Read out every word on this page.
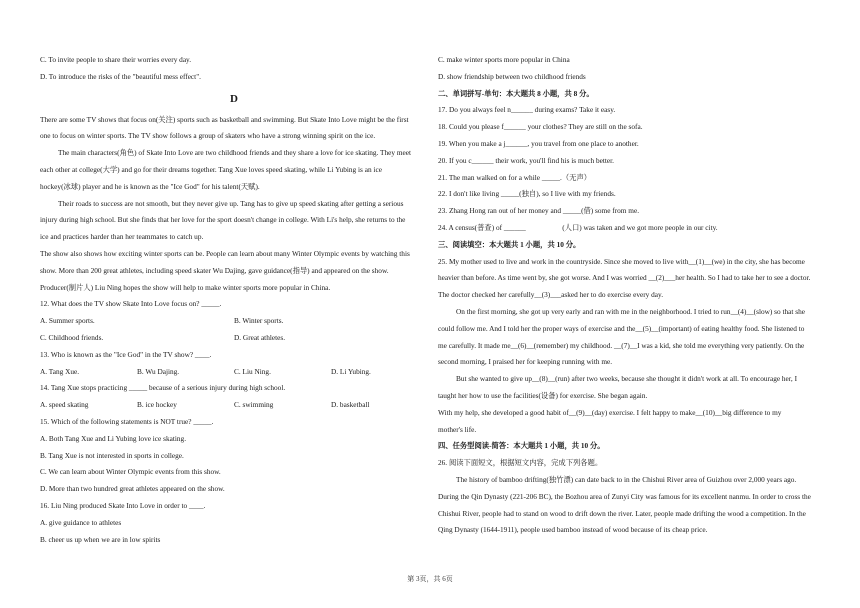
C. To invite people to share their worries every day.
D. To introduce the risks of the "beautiful mess effect".
D
There are some TV shows that focus on(关注) sports such as basketball and swimming. But Skate Into Love might be the first
one to focus on winter sports. The TV show follows a group of skaters who have a strong winning spirit on the ice.
The main characters(角色) of Skate Into Love are two childhood friends and they share a love for ice skating. They meet
each other at college(大学) and go for their dreams together. Tang Xue loves speed skating, while Li Yubing is an ice
hockey(冰球) player and he is known as the "Ice God" for his talent(天赋).
Their roads to success are not smooth, but they never give up. Tang has to give up speed skating after getting a serious
injury during high school. But she finds that her love for the sport doesn't change in college. With Li's help, she returns to the
ice and practices harder than her teammates to catch up.
The show also shows how exciting winter sports can be. People can learn about many Winter Olympic events by watching this
show. More than 200 great athletes, including speed skater Wu Dajing, gave guidance(指导) and appeared on the show.
Producer(制片人) Liu Ning hopes the show will help to make winter sports more popular in China.
12. What does the TV show Skate Into Love focus on? _____.
A. Summer sports.	B. Winter sports.
C. Childhood friends.	D. Great athletes.
13. Who is known as the "Ice God" in the TV show? ____.
A. Tang Xue.	B. Wu Dajing.	C. Liu Ning.	D. Li Yubing.
14. Tang Xue stops practicing _____ because of a serious injury during high school.
A. speed skating	B. ice hockey	C. swimming	D. basketball
15. Which of the following statements is NOT true? _____.
A. Both Tang Xue and Li Yubing love ice skating.
B. Tang Xue is not interested in sports in college.
C. We can learn about Winter Olympic events from this show.
D. More than two hundred great athletes appeared on the show.
16. Liu Ning produced Skate Into Love in order to ____.
A. give guidance to athletes
B. cheer us up when we are in low spirits
C. make winter sports more popular in China
D. show friendship between two childhood friends
二、单词拼写-单句：本大题共 8 小题，共 8 分。
17. Do you always feel n______ during exams? Take it easy.
18. Could you please f______ your clothes? They are still on the sofa.
19. When you make a j______, you travel from one place to another.
20. If you c______ their work, you'll find his is much better.
21. The man walked on for a while _____.（无声）
22. I don't like living _____(独自), so I live with my friends.
23. Zhang Hong ran out of her money and _____(借) some from me.
24. A census(普查) of ______                    (人口) was taken and we got more people in our city.
三、阅读填空：本大题共 1 小题，共 10 分。
25. My mother used to live and work in the countryside. Since she moved to live with__(1)__(we) in the city, she has become
heavier than before. As time went by, she got worse. And I was worried __(2)___her health. So I had to take her to see a doctor.
The doctor checked her carefully__(3)___asked her to do exercise every day.
On the first morning, she got up very early and ran with me in the neighborhood. I tried to run__(4)__(slow) so that she
could follow me. And I told her the proper ways of exercise and the__(5)__(important) of eating healthy food. She listened to
me carefully. It made me__(6)__(remember) my childhood. __(7)__I was a kid, she told me everything very patiently. On the
second morning, I praised her for keeping running with me.
But she wanted to give up__(8)__(run) after two weeks, because she thought it didn't work at all. To encourage her, I
taught her how to use the facilities(设备) for exercise. She began again.
With my help, she developed a good habit of__(9)__(day) exercise. I felt happy to make__(10)__big difference to my
mother's life.
四、任务型阅读-简答：本大题共 1 小题，共 10 分。
26. 阅读下面短文，根据短文内容，完成下列各题。
The history of bamboo drifting(独竹漂) can date back to in the Chishui River area of Guizhou over 2,000 years ago.
During the Qin Dynasty (221-206 BC), the Bozhou area of Zunyi City was famous for its excellent nanmu. In order to cross the
Chishui River, people had to stand on wood to drift down the river. Later, people made drifting the wood a competition. In the
Qing Dynasty (1644-1911), people used bamboo instead of wood because of its cheap price.
第 3页，共 6页
